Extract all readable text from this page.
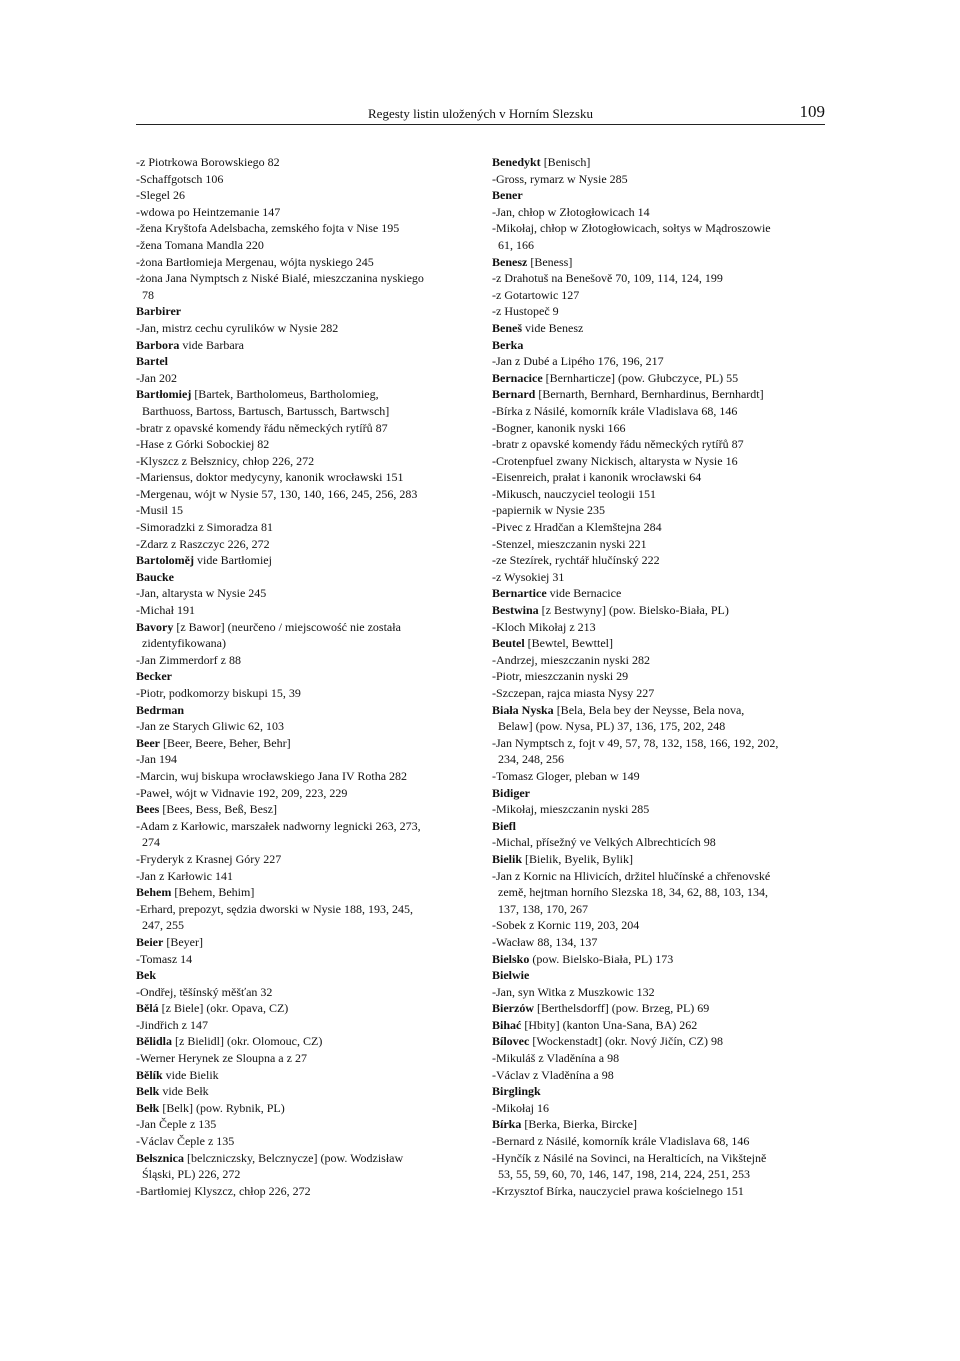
Regesty listin uložených v Horním Slezsku	109
-z Piotrkowa Borowskiego 82
-Schaffgotsch 106
-Slegel 26
-wdowa po Heintzemanie 147
-žena Kryštofa Adelsbacha, zemského fojta v Nise 195
-žena Tomana Mandla 220
-żona Bartłomieja Mergenau, wójta nyskiego 245
-żona Jana Nymptsch z Niské Bialé, mieszczanina nyskiego
78
Barbirer
-Jan, mistrz cechu cyrulików w Nysie 282
Barbora vide Barbara
Bartel
-Jan 202
Bartłomiej [Bartek, Bartholomeus, Bartholomieg,
Barthuoss, Bartoss, Bartusch, Bartussch, Bartwsch]
-bratr z opavské komendy řádu německých rytířů 87
-Hase z Górki Sobockiej 82
-Klyszcz z Bełsznicy, chłop 226, 272
-Mariensus, doktor medycyny, kanonik wrocławski 151
-Mergenau, wójt w Nysie 57, 130, 140, 166, 245, 256, 283
-Musil 15
-Simoradzki z Simoradza 81
-Zdarz z Raszczyc 226, 272
Bartoloměj vide Bartłomiej
Baucke
-Jan, altarysta w Nysie 245
-Michał 191
Bavory [z Bawor] (neurčeno / miejscowość nie została
zidentyfikowana)
-Jan Zimmerdorf z 88
Becker
-Piotr, podkomorzy biskupi 15, 39
Bedrman
-Jan ze Starych Gliwic 62, 103
Beer [Beer, Beere, Beher, Behr]
-Jan 194
-Marcin, wuj biskupa wrocławskiego Jana IV Rotha 282
-Paweł, wójt w Vidnavie 192, 209, 223, 229
Bees [Bees, Bess, Beß, Besz]
-Adam z Karłowic, marszałek nadworny legnicki 263, 273,
274
-Fryderyk z Krasnej Góry 227
-Jan z Karłowic 141
Behem [Behem, Behim]
-Erhard, prepozyt, sędzia dworski w Nysie 188, 193, 245,
247, 255
Beier [Beyer]
-Tomasz 14
Bek
-Ondřej, těšínský měšťan 32
Bělá [z Biele] (okr. Opava, CZ)
-Jindřich z 147
Bělidla [z Bielidl] (okr. Olomouc, CZ)
-Werner Herynek ze Sloupna a z 27
Bělík vide Bielik
Belk vide Bełk
Bełk [Belk] (pow. Rybnik, PL)
-Jan Čeple z 135
-Václav Čeple z 135
Bełsznica [belczniczsky, Belcznycze] (pow. Wodzisław
Śląski, PL) 226, 272
-Bartłomiej Klyszcz, chłop 226, 272
Benedykt [Benisch]
-Gross, rymarz w Nysie 285
Bener
-Jan, chłop w Złotogłowicach 14
-Mikołaj, chłop w Złotogłowicach, sołtys w Mądroszowie
61, 166
Benesz [Beness]
-z Drahotuš na Benešově 70, 109, 114, 124, 199
-z Gotartowic 127
-z Hustopeč 9
Beneš vide Benesz
Berka
-Jan z Dubé a Lipého 176, 196, 217
Bernacice [Bernharticze] (pow. Głubczyce, PL) 55
Bernard [Bernarth, Bernhard, Bernhardinus, Bernhardt]
-Bírka z Násilé, komorník krále Vladislava 68, 146
-Bogner, kanonik nyski 166
-bratr z opavské komendy řádu německých rytířů 87
-Crotenpfuel zwany Nickisch, altarysta w Nysie 16
-Eisenreich, prałat i kanonik wrocławski 64
-Mikusch, nauczyciel teologii 151
-papiernik w Nysie 235
-Pivec z Hradčan a Klemštejna 284
-Stenzel, mieszczanin nyski 221
-ze Stezírek, rychtář hlučínský 222
-z Wysokiej 31
Bernartice vide Bernacice
Bestwina [z Bestwyny] (pow. Bielsko-Biała, PL)
-Kloch Mikołaj z 213
Beutel [Bewtel, Bewttel]
-Andrzej, mieszczanin nyski 282
-Piotr, mieszczanin nyski 29
-Szczepan, rajca miasta Nysy 227
Biała Nyska [Bela, Bela bey der Neysse, Bela nova,
Belaw] (pow. Nysa, PL) 37, 136, 175, 202, 248
-Jan Nymptsch z, fojt v 49, 57, 78, 132, 158, 166, 192, 202,
234, 248, 256
-Tomasz Gloger, pleban w 149
Bidiger
-Mikołaj, mieszczanin nyski 285
Biefl
-Michal, přísežný ve Velkých Albrechticích 98
Bielik [Bielik, Byelik, Bylik]
-Jan z Kornic na Hlivicích, držitel hlučínské a chřenovské
země, hejtman horního Slezska 18, 34, 62, 88, 103, 134,
137, 138, 170, 267
-Sobek z Kornic 119, 203, 204
-Wacław 88, 134, 137
Bielsko (pow. Bielsko-Biała, PL) 173
Bielwie
-Jan, syn Witka z Muszkowic 132
Bierzów [Berthelsdorff] (pow. Brzeg, PL) 69
Bihać [Hbity] (kanton Una-Sana, BA) 262
Bílovec [Wockenstadt] (okr. Nový Jičín, CZ) 98
-Mikuláš z Vladěnína a 98
-Václav z Vladěnína a 98
Birglingk
-Mikołaj 16
Bírka [Berka, Bierka, Bircke]
-Bernard z Násilé, komorník krále Vladislava 68, 146
-Hynčík z Násilé na Sovinci, na Heralticích, na Vikštejně
53, 55, 59, 60, 70, 146, 147, 198, 214, 224, 251, 253
-Krzysztof Bírka, nauczyciel prawa kościelnego 151
